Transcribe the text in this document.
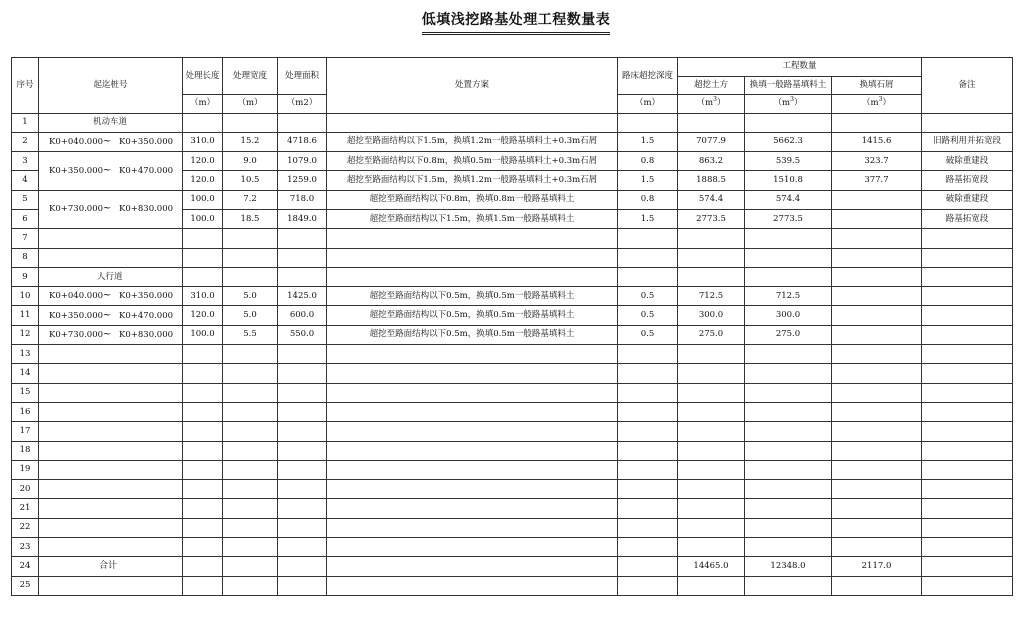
低填浅挖路基处理工程数量表
序号	起迄桩号	处理长度	处理宽度	处理面积	处置方案	路床超挖深度	工程数量			备注
							超挖土方	换填一般路基填料土	换填石屑	
		（m）	（m）	（m2）		（m）	$(m^3)$	$(m^3)$	$(m^3)$	
1	机动车道									
2	K0+040.000~ K0+350.000	310.0	15.2	4718.6	超挖至路面结构以下1.5m，换填1.2m一般路基填料土+0.3m石屑	1.5	7077.9	5662.3	1415.6	旧路利用并拓宽段
3	K0+350.000~ K0+470.000	120.0	9.0	1079.0	超挖至路面结构以下0.8m，换填0.5m一般路基填料土+0.3m石屑	0.8	863.2	539.5	323.7	破除重建段
4		120.0	10.5	1259.0	超挖至路面结构以下1.5m，换填1.2m一般路基填料土+0.3m石屑	1.5	1888.5	1510.8	377.7	路基拓宽段
5	K0+730.000~ K0+830.000	100.0	7.2	718.0	超挖至路面结构以下0.8m，换填0.8m一般路基填料土	0.8	574.4	574.4		破除重建段
6		100.0	18.5	1849.0	超挖至路面结构以下1.5m，换填1.5m一般路基填料土	1.5	2773.5	2773.5		路基拓宽段
7										
8										
9	人行道									
10	K0+040.000~ K0+350.000	310.0	5.0	1425.0	超挖至路面结构以下0.5m，换填0.5m一般路基填料土	0.5	712.5	712.5		
11	K0+350.000~ K0+470.000	120.0	5.0	600.0	超挖至路面结构以下0.5m，换填0.5m一般路基填料土	0.5	300.0	300.0		
12	K0+730.000~ K0+830.000	100.0	5.5	550.0	超挖至路面结构以下0.5m，换填0.5m一般路基填料土	0.5	275.0	275.0		
13										
14										
15										
16										
17										
18										
19										
20										
21										
22										
23										
24	合计						14465.0	12348.0	2117.0	
25										
